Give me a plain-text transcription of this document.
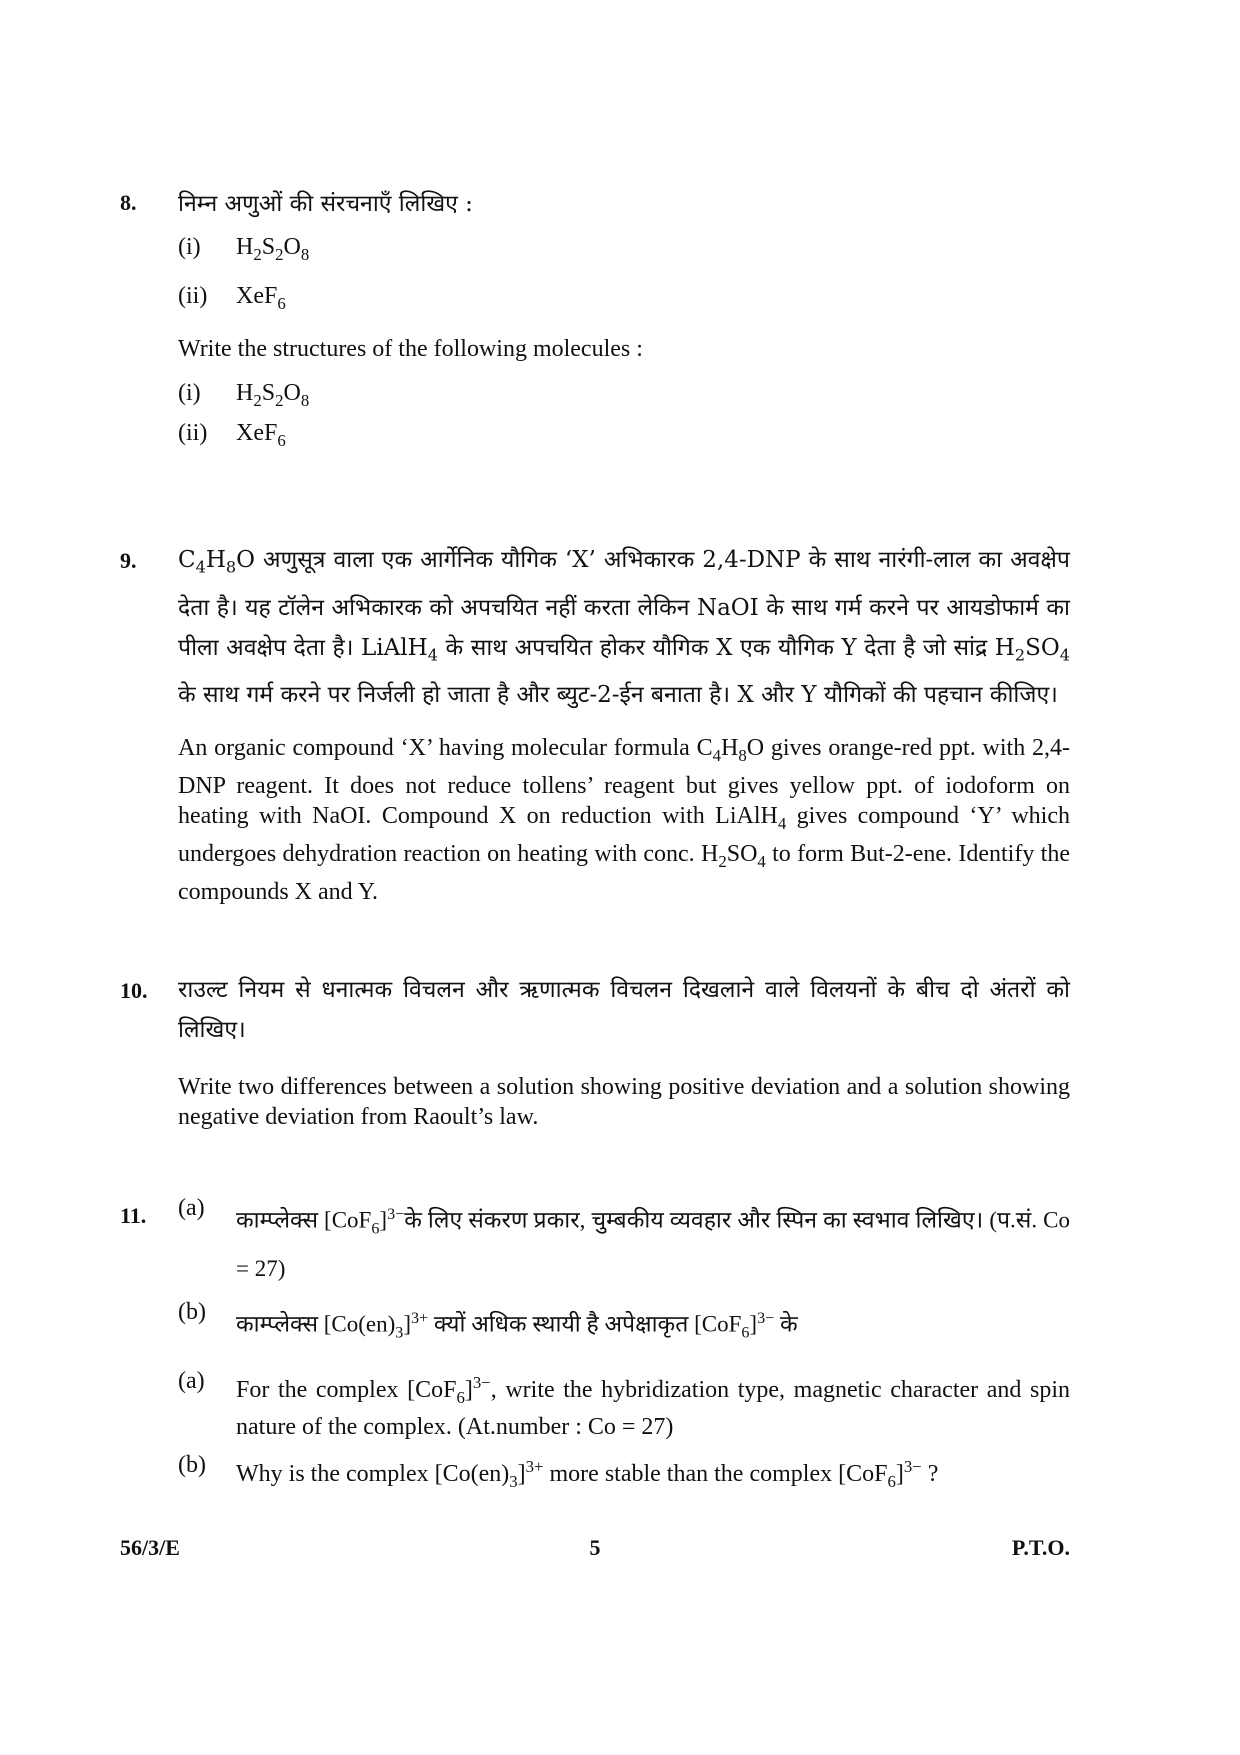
8. निम्न अणुओं की संरचनाएँ लिखिए :

(i)	$H_2S_2O_8$
(ii)	XeF$_6$

Write the structures of the following molecules :

(i)	$H_2S_2O_8$
(ii)	XeF$_6$
9. $C_4H_8O$ अणुसूत्र वाला एक आर्गेनिक यौगिक ‘X’ अभिकारक 2,4-DNP के साथ नारंगी-लाल का अवक्षेप देता है। यह टॉलेन अभिकारक को अपचयित नहीं करता लेकिन NaOI के साथ गर्म करने पर आयडोफार्म का पीला अवक्षेप देता है। LiAlH$_4$ के साथ अपचयित होकर यौगिक X एक यौगिक Y देता है जो सांद्र $H_2SO_4$ के साथ गर्म करने पर निर्जली हो जाता है और ब्युट-2-ईन बनाता है। X और Y यौगिकों की पहचान कीजिए।

An organic compound ‘X’ having molecular formula $C_4H_8O$ gives orange-red ppt. with 2,4-DNP reagent. It does not reduce tollens’ reagent but gives yellow ppt. of iodoform on heating with NaOI. Compound X on reduction with LiAlH$_4$ gives compound ‘Y’ which undergoes dehydration reaction on heating with conc. $H_2SO_4$ to form But-2-ene. Identify the compounds X and Y.

10. राउल्ट नियम से धनात्मक विचलन और ऋणात्मक विचलन दिखलाने वाले विलयनों के बीच दो अंतरों को लिखिए।

Write two differences between a solution showing positive deviation and a solution showing negative deviation from Raoult’s law.

11. (a)	काम्प्लेक्स $[CoF_6]^{3-}के$ लिए संकरण प्रकार, चुम्बकीय व्यवहार और स्पिन का स्वभाव लिखिए। (प.सं. Co = 27)
(b)	काम्प्लेक्स $[Co(en)_3]^{3+}$ क्यों अधिक स्थायी है अपेक्षाकृत $[CoF_6]^{3-}$ के
(a)	For the complex $[CoF_6]^{3-}$, write the hybridization type, magnetic character and spin nature of the complex. (At.number : Co = 27)
(b)	Why is the complex $[Co(en)_3]^{3+}$ more stable than the complex $[CoF_6]^{3-}$ ?
56/3/E	5	P.T.O.
